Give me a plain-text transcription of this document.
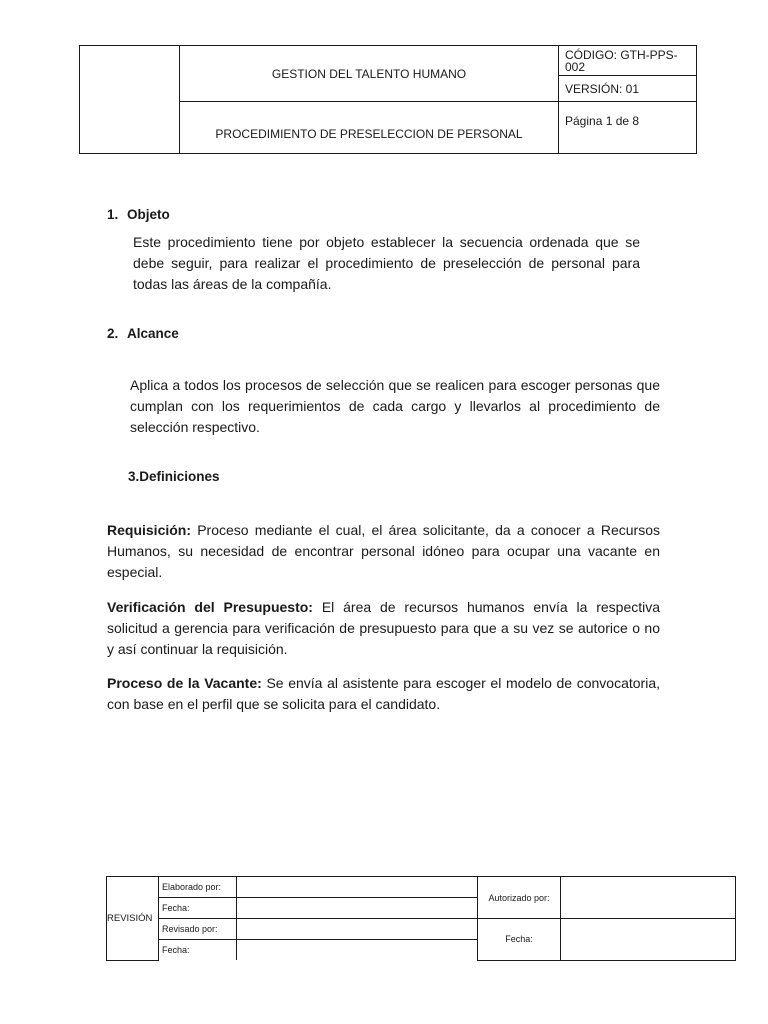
	GESTION DEL TALENTO HUMANO	CÓDIGO: GTH-PPS-002
		VERSIÓN: 01
	PROCEDIMIENTO DE PRESELECCION DE PERSONAL	Página 1 de 8
1. Objeto

Este procedimiento tiene por objeto establecer la secuencia ordenada que se debe seguir, para realizar el procedimiento de preselección de personal para todas las áreas de la compañía.

2. Alcance

Aplica a todos los procesos de selección que se realicen para escoger personas que cumplan con los requerimientos de cada cargo y llevarlos al procedimiento de selección respectivo.

3.Definiciones

Requisición: Proceso mediante el cual, el área solicitante, da a conocer a Recursos Humanos, su necesidad de encontrar personal idóneo para ocupar una vacante en especial.

Verificación del Presupuesto: El área de recursos humanos envía la respectiva solicitud a gerencia para verificación de presupuesto para que a su vez se autorice o no y así continuar la requisición.

Proceso de la Vacante: Se envía al asistente para escoger el modelo de convocatoria, con base en el perfil que se solicita para el candidato.

REVISIÓN	Elaborado por:		Autorizado por:	
	Fecha:			
	Revisado por:		Fecha:	
	Fecha:			
